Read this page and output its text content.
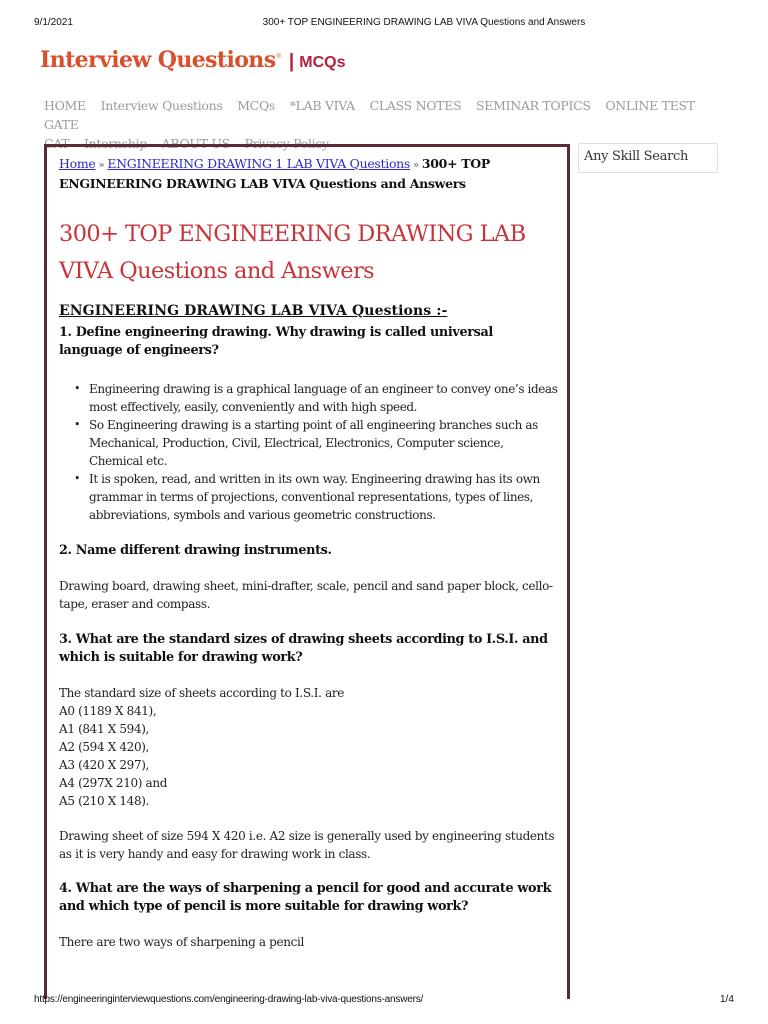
9/1/2021	300+ TOP ENGINEERING DRAWING LAB VIVA Questions and Answers
Interview Questions ® | MCQs
HOME Interview Questions MCQs *LAB VIVA CLASS NOTES SEMINAR TOPICS ONLINE TEST GATE
CAT Internship ABOUT US Privacy Policy
Any Skill Search
Home » ENGINEERING DRAWING 1 LAB VIVA Questions » 300+ TOP ENGINEERING DRAWING LAB VIVA Questions and Answers
300+ TOP ENGINEERING DRAWING LAB VIVA Questions and Answers
ENGINEERING DRAWING LAB VIVA Questions :-

1. Define engineering drawing. Why drawing is called universal language of engineers?

• Engineering drawing is a graphical language of an engineer to convey one’s ideas most effectively, easily, conveniently and with high speed.
• So Engineering drawing is a starting point of all engineering branches such as Mechanical, Production, Civil, Electrical, Electronics, Computer science, Chemical etc.
• It is spoken, read, and written in its own way. Engineering drawing has its own grammar in terms of projections, conventional representations, types of lines, abbreviations, symbols and various geometric constructions.

2. Name different drawing instruments.

Drawing board, drawing sheet, mini-drafter, scale, pencil and sand paper block, cello-tape, eraser and compass.

3. What are the standard sizes of drawing sheets according to I.S.I. and which is suitable for drawing work?

The standard size of sheets according to I.S.I. are

A0 (1189 X 841),

A1 (841 X 594),

A2 (594 X 420),

A3 (420 X 297),

A4 (297X 210) and

A5 (210 X 148).

Drawing sheet of size 594 X 420 i.e. A2 size is generally used by engineering students as it is very handy and easy for drawing work in class.

4. What are the ways of sharpening a pencil for good and accurate work and which type of pencil is more suitable for drawing work?

There are two ways of sharpening a pencil

https://engineeringinterviewquestions.com/engineering-drawing-lab-viva-questions-answers/	1/4
